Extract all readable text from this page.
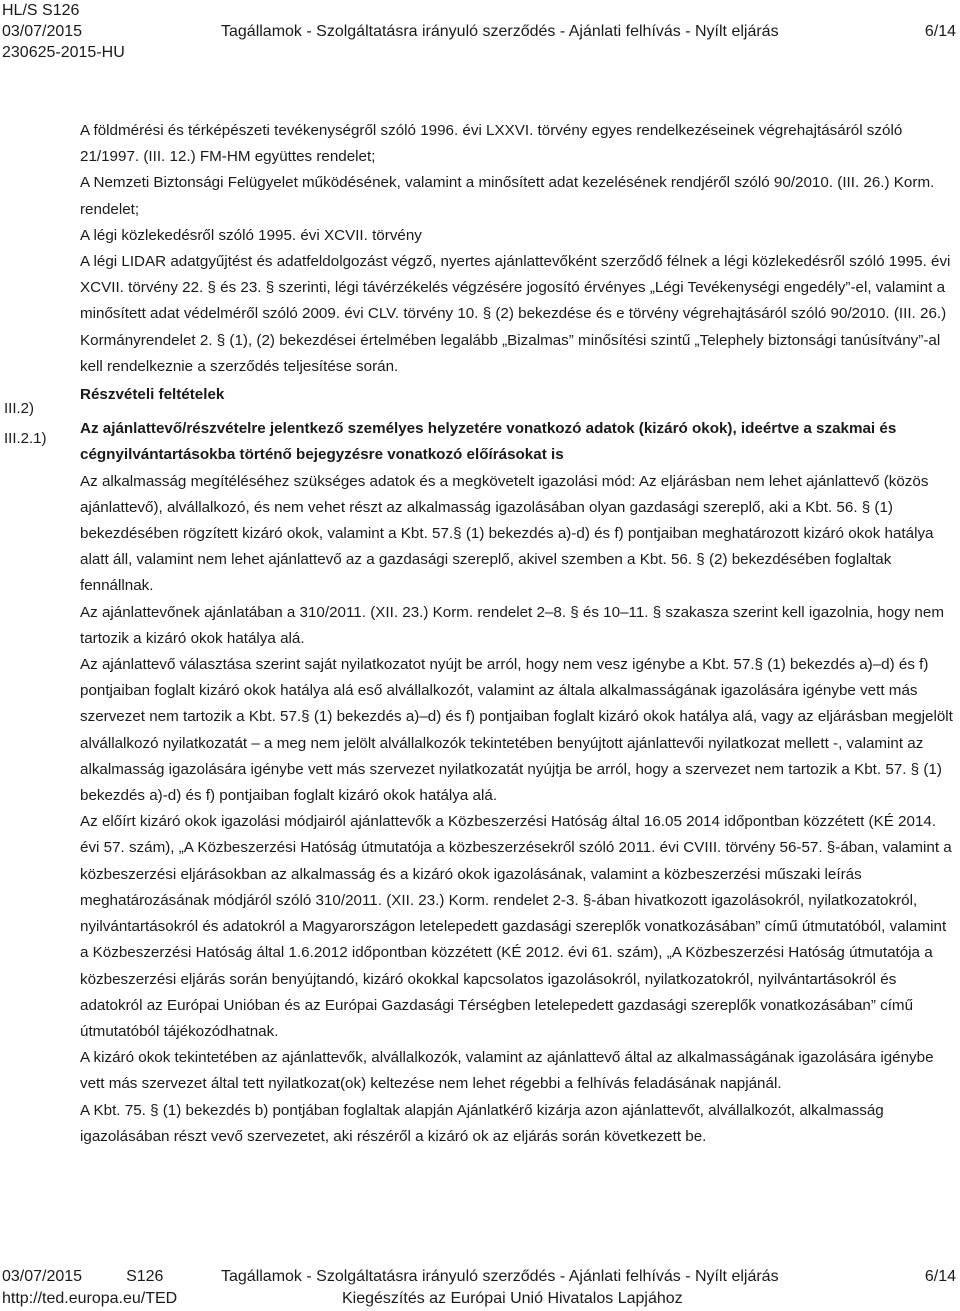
HL/S S126
03/07/2015
230625-2015-HU
Tagállamok - Szolgáltatásra irányuló szerződés - Ajánlati felhívás - Nyílt eljárás	6/14
III.2)
III.2.1)

A földmérési és térképészeti tevékenységről szóló 1996. évi LXXVI. törvény egyes rendelkezéseinek végrehajtásáról szóló 21/1997. (III. 12.) FM-HM együttes rendelet;

A Nemzeti Biztonsági Felügyelet működésének, valamint a minősített adat kezelésének rendjéről szóló 90/2010. (III. 26.) Korm. rendelet;

A légi közlekedésről szóló 1995. évi XCVII. törvény

A légi LIDAR adatgyűjtést és adatfeldolgozást végző, nyertes ajánlattevőként szerződő félnek a légi közlekedésről szóló 1995. évi XCVII. törvény 22. § és 23. § szerinti, légi távérzékelés végzésére jogosító érvényes „Légi Tevékenységi engedély”-el, valamint a minősített adat védelméről szóló 2009. évi CLV. törvény 10. § (2) bekezdése és e törvény végrehajtásáról szóló 90/2010. (III. 26.) Kormányrendelet 2. § (1), (2) bekezdései értelmében legalább „Bizalmas” minősítési szintű „Telephely biztonsági tanúsítvány”-al kell rendelkeznie a szerződés teljesítése során.

Részvételi feltételek

Az ajánlattevő/részvételre jelentkező személyes helyzetére vonatkozó adatok (kizáró okok), ideértve a szakmai és cégnyilvántartásokba történő bejegyzésre vonatkozó előírásokat is

Az alkalmasság megítéléséhez szükséges adatok és a megkövetelt igazolási mód: Az eljárásban nem lehet ajánlattevő (közös ajánlattevő), alvállalkozó, és nem vehet részt az alkalmasság igazolásában olyan gazdasági szereplő, aki a Kbt. 56. § (1) bekezdésében rögzített kizáró okok, valamint a Kbt. 57.§ (1) bekezdés a)-d) és f) pontjaiban meghatározott kizáró okok hatálya alatt áll, valamint nem lehet ajánlattevő az a gazdasági szereplő, akivel szemben a Kbt. 56. § (2) bekezdésében foglaltak fennállnak.

Az ajánlattevőnek ajánlatában a 310/2011. (XII. 23.) Korm. rendelet 2–8. § és 10–11. § szakasza szerint kell igazolnia, hogy nem tartozik a kizáró okok hatálya alá.

Az ajánlattevő választása szerint saját nyilatkozatot nyújt be arról, hogy nem vesz igénybe a Kbt. 57.§ (1) bekezdés a)–d) és f) pontjaiban foglalt kizáró okok hatálya alá eső alvállalkozót, valamint az általa alkalmasságának igazolására igénybe vett más szervezet nem tartozik a Kbt. 57.§ (1) bekezdés a)–d) és f) pontjaiban foglalt kizáró okok hatálya alá, vagy az eljárásban megjelölt alvállalkozó nyilatkozatát – a meg nem jelölt alvállalkozók tekintetében benyújtott ajánlattevői nyilatkozat mellett -, valamint az alkalmasság igazolására igénybe vett más szervezet nyilatkozatát nyújtja be arról, hogy a szervezet nem tartozik a Kbt. 57. § (1) bekezdés a)-d) és f) pontjaiban foglalt kizáró okok hatálya alá.

Az előírt kizáró okok igazolási módjairól ajánlattevők a Közbeszerzési Hatóság által 16.05 2014 időpontban közzétett (KÉ 2014. évi 57. szám), „A Közbeszerzési Hatóság útmutatója a közbeszerzésekről szóló 2011. évi CVIII. törvény 56-57. §-ában, valamint a közbeszerzési eljárásokban az alkalmasság és a kizáró okok igazolásának, valamint a közbeszerzési műszaki leírás meghatározásának módjáról szóló 310/2011. (XII. 23.) Korm. rendelet 2-3. §-ában hivatkozott igazolásokról, nyilatkozatokról, nyilvántartásokról és adatokról a Magyarországon letelepedett gazdasági szereplők vonatkozásában” című útmutatóból, valamint a Közbeszerzési Hatóság által 1.6.2012 időpontban közzétett (KÉ 2012. évi 61. szám), „A Közbeszerzési Hatóság útmutatója a közbeszerzési eljárás során benyújtandó, kizáró okokkal kapcsolatos igazolásokról, nyilatkozatokról, nyilvántartásokról és adatokról az Európai Unióban és az Európai Gazdasági Térségben letelepedett gazdasági szereplők vonatkozásában” című útmutatóból tájékozódhatnak.

A kizáró okok tekintetében az ajánlattevők, alvállalkozók, valamint az ajánlattevő által az alkalmasságának igazolására igénybe vett más szervezet által tett nyilatkozat(ok) keltezése nem lehet régebbi a felhívás feladásának napjánál.

A Kbt. 75. § (1) bekezdés b) pontjában foglaltak alapján Ajánlatkérő kizárja azon ajánlattevőt, alvállalkozót, alkalmasság igazolásában részt vevő szervezetet, aki részéről a kizáró ok az eljárás során következett be.

03/07/2015	S126
http://ted.europa.eu/TED
Tagállamok - Szolgáltatásra irányuló szerződés - Ajánlati felhívás - Nyílt eljárás
Kiegészítés az Európai Unió Hivatalos Lapjához
6/14
